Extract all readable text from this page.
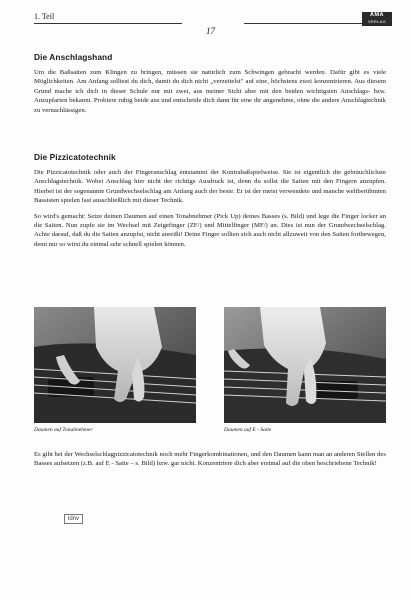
1. Teil
17
AMA
VERLAG
Die Anschlagshand

Um die Baßsaiten zum Klingen zu bringen, müssen sie natürlich zum Schwingen gebracht werden. Dafür gibt es viele Möglichkeiten. Am Anfang solltest du dich, damit du dich nicht „verzettelst" auf eine, höchstens zwei konzentrieren. Aus diesem Grund mache ich dich in dieser Schule nur mit zwei, aus meiner Sicht aber mit den beiden wichtigsten Anschlags- bzw. Anzupfarten bekannt. Probiere ruhig beide aus und entscheide dich dann für eine dir angenehme, ohne die andere Anschlagtechnik zu vernachlässigen.

Die Pizzicatotechnik

Die Pizzicatotechnik oder auch der Fingeranschlag entstammt der Kontrabaßspielweise. Sie ist eigentlich die gebräuchlichste Anschlagstechnik. Wobei Anschlag hier nicht der richtige Ausdruck ist, denn du sollst die Saiten mit den Fingern anzupfen. Hierbei ist der sogenannte Grundwechselschlag am Anfang auch der beste. Er ist der meist verwendete und manche weltberühmten Bassisten spielen fast ausschließlich mit dieser Technik.

So wird's gemacht: Setze deinen Daumen auf einen Tonabnehmer (Pick Up) deines Basses (s. Bild) und lege die Finger locker an die Saiten. Nun zupfe sie im Wechsel mit Zeigefinger (ZF/) und Mittelfinger (MF/) an. Dies ist nun der Grundwechselschlag. Achte darauf, daß du die Saiten anzupfst, nicht anreißt! Deine Finger sollten sich auch nicht allzuweit von den Saiten fortbewegen, denn nur so wirst du einmal sehr schnell spielen können.

Daumen auf Tonabnehmer	Daumen auf E - Saite

Es gibt bei der Wechselschlagpizzicatotechnik noch mehr Fingerkombinationen, und den Daumen kann man an anderen Stellen des Basses aufsetzen (z.B. auf E - Saite – s. Bild) bzw. gar nicht. Konzentriere dich aber erstmal auf die oben beschriebene Technik!

idnv
